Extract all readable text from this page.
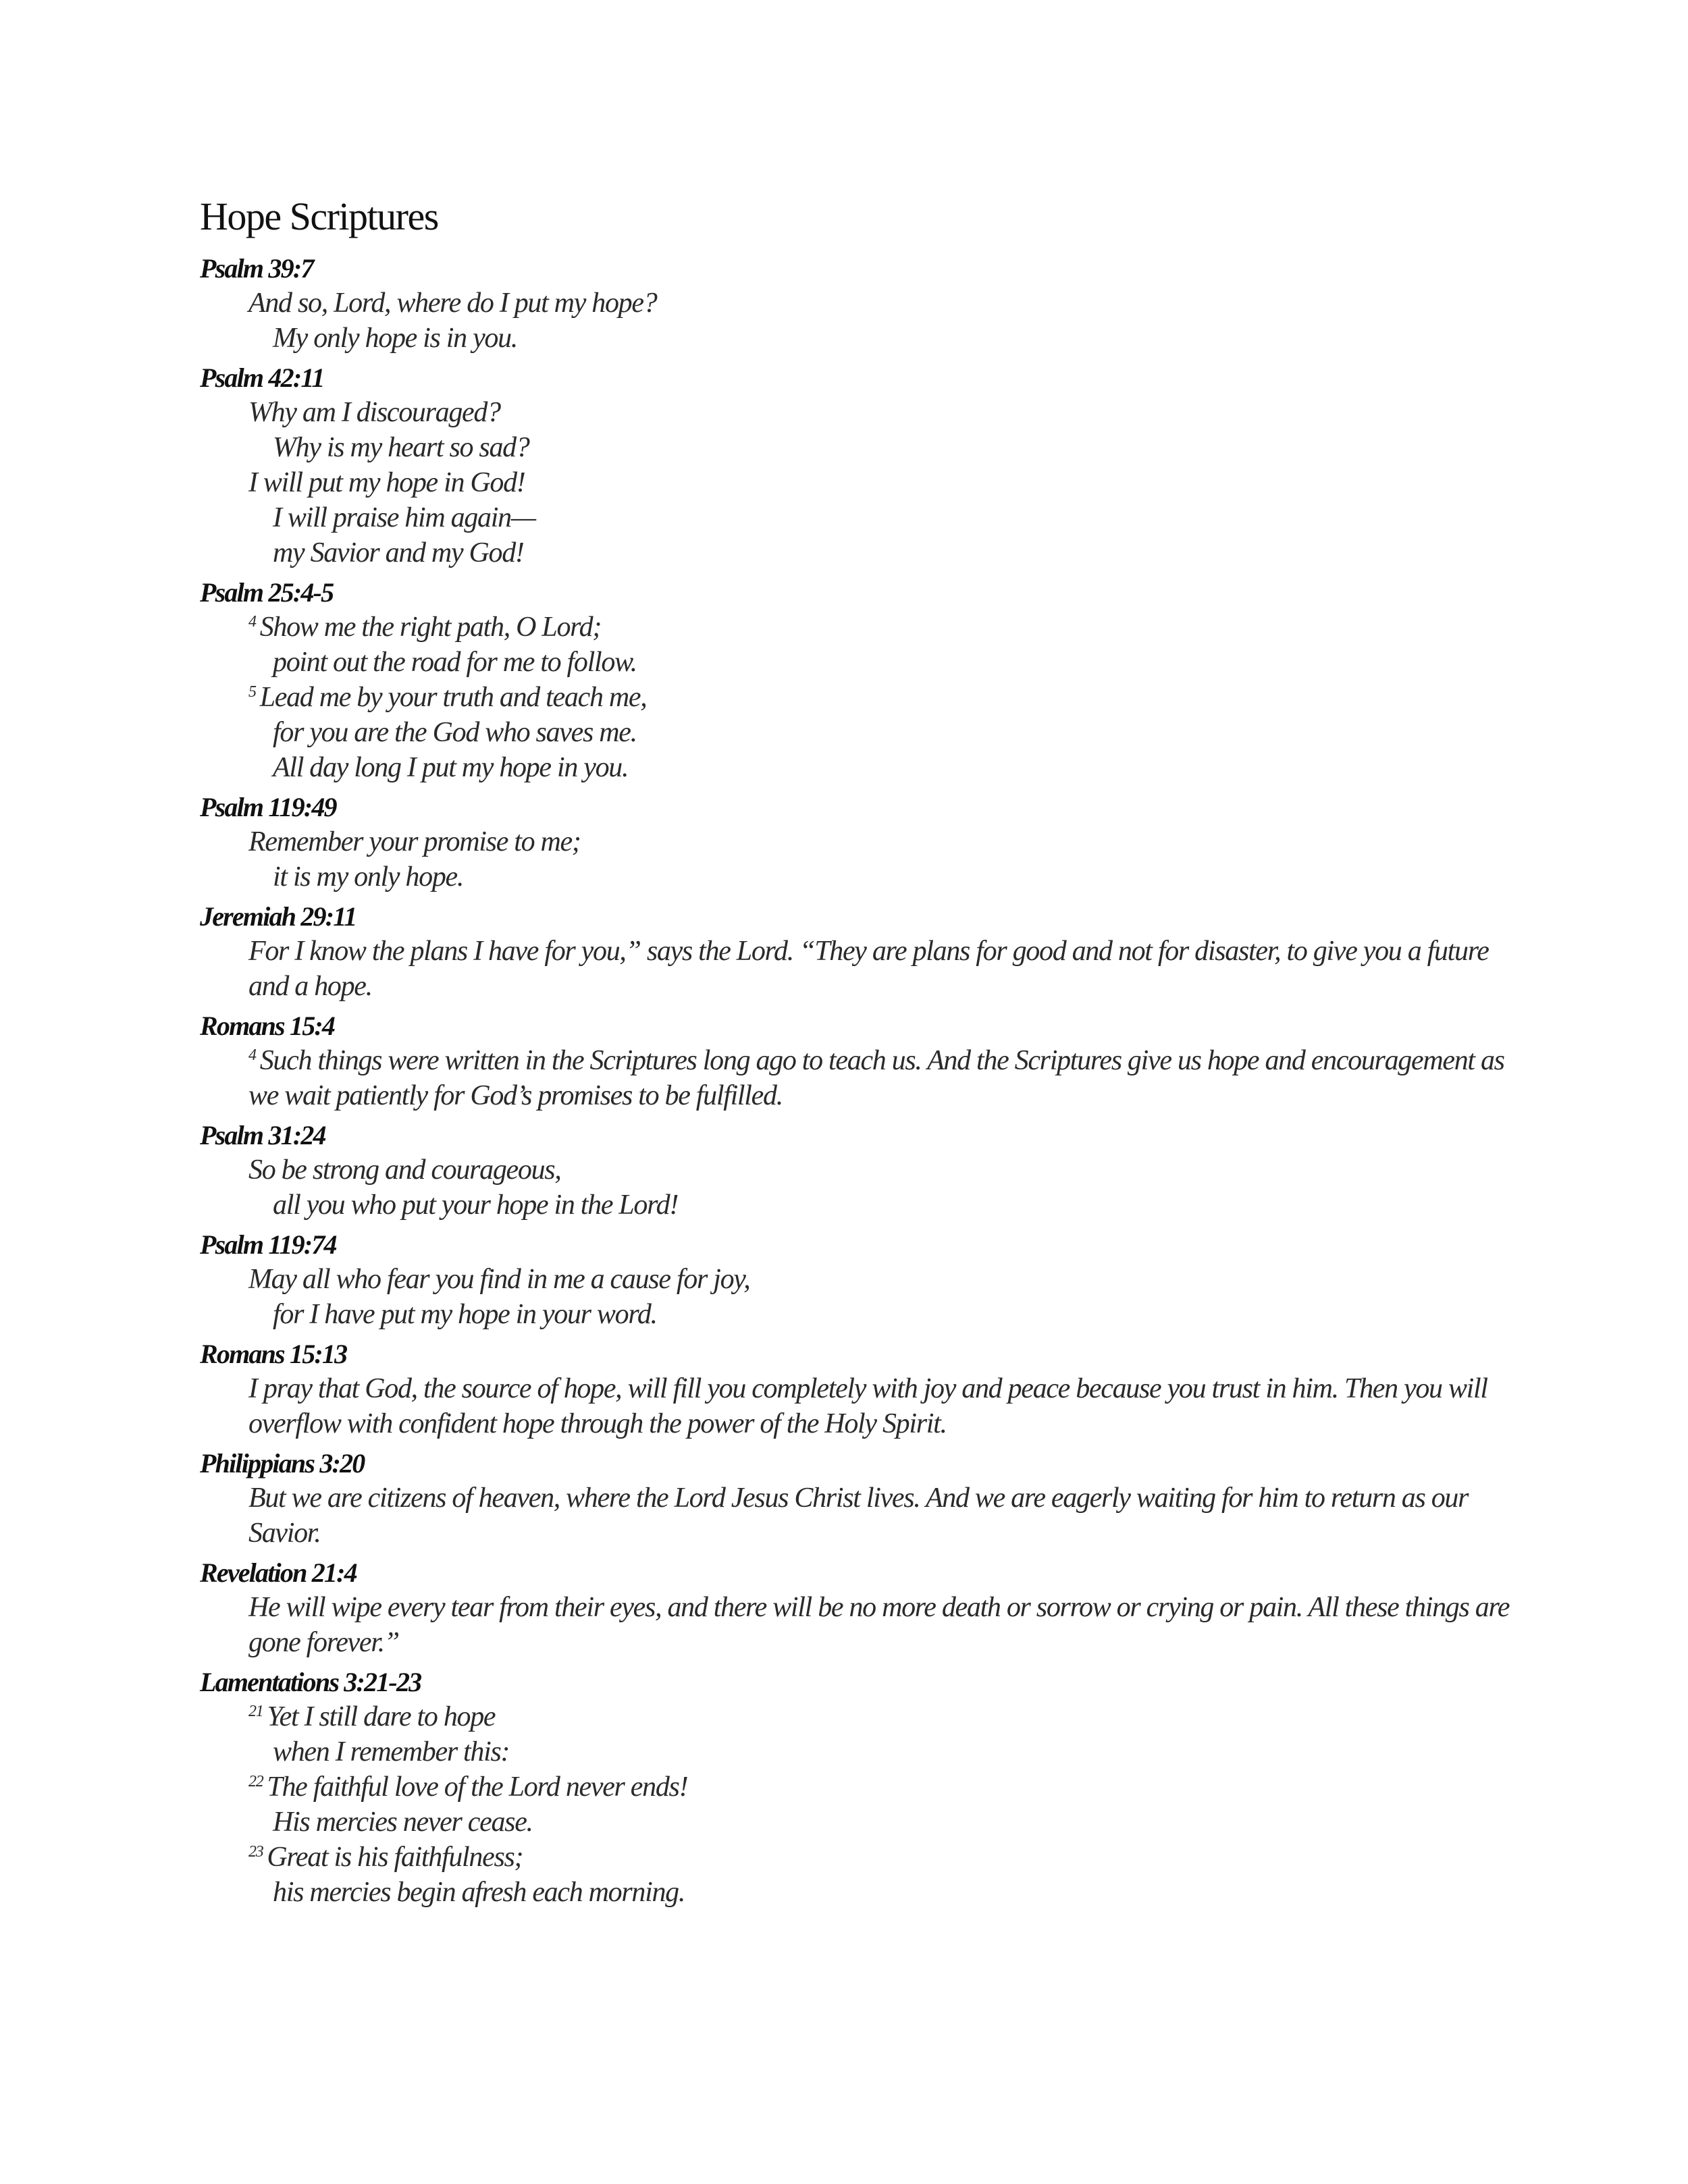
Hope Scriptures
Psalm 39:7
And so, Lord, where do I put my hope?
My only hope is in you.
Psalm 42:11
Why am I discouraged?
Why is my heart so sad?
I will put my hope in God!
I will praise him again—
my Savior and my God!
Psalm 25:4-5
$^4$ Show me the right path, O Lord;
point out the road for me to follow.
$^5$ Lead me by your truth and teach me,
for you are the God who saves me.
All day long I put my hope in you.
Psalm 119:49
Remember your promise to me;
it is my only hope.
Jeremiah 29:11
For I know the plans I have for you,” says the Lord. “They are plans for good and not for disaster, to give you a future and a hope.
Romans 15:4
$^4$ Such things were written in the Scriptures long ago to teach us. And the Scriptures give us hope and encouragement as we wait patiently for God’s promises to be fulfilled.
Psalm 31:24
So be strong and courageous,
all you who put your hope in the Lord!
Psalm 119:74
May all who fear you find in me a cause for joy,
for I have put my hope in your word.
Romans 15:13
I pray that God, the source of hope, will fill you completely with joy and peace because you trust in him. Then you will overflow with confident hope through the power of the Holy Spirit.
Philippians 3:20
But we are citizens of heaven, where the Lord Jesus Christ lives. And we are eagerly waiting for him to return as our Savior.
Revelation 21:4
He will wipe every tear from their eyes, and there will be no more death or sorrow or crying or pain. All these things are gone forever.”
Lamentations 3:21-23
$^{21}$ Yet I still dare to hope
when I remember this:
$^{22}$ The faithful love of the Lord never ends!
His mercies never cease.
$^{23}$ Great is his faithfulness;
his mercies begin afresh each morning.
